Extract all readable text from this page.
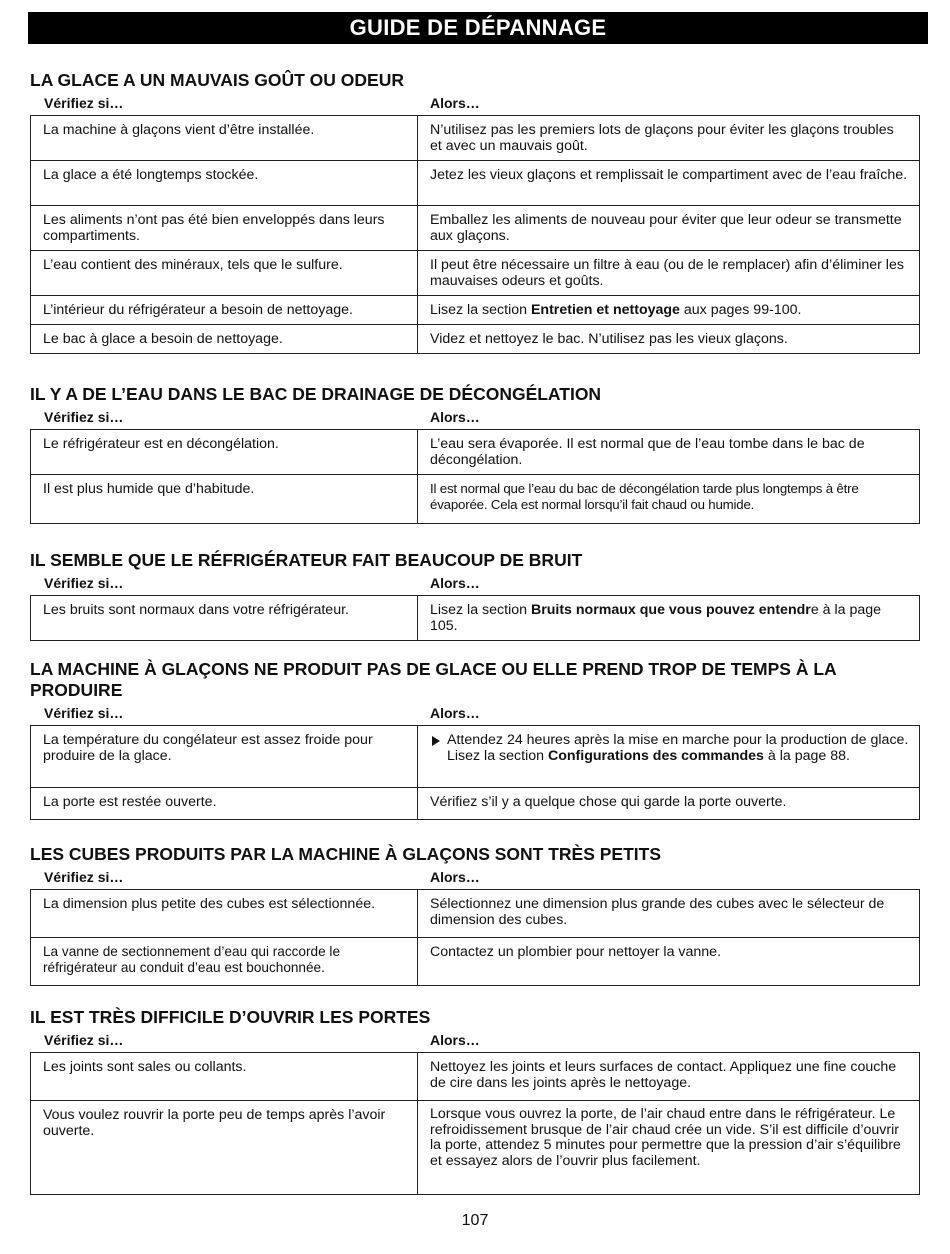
GUIDE DE DÉPANNAGE
LA GLACE A UN MAUVAIS GOÛT OU ODEUR
Vérifiez si…	Alors…
La machine à glaçons vient d’être installée.	N’utilisez pas les premiers lots de glaçons pour éviter les glaçons troubles et avec un mauvais goût.
La glace a été longtemps stockée.	Jetez les vieux glaçons et remplissait le compartiment avec de l’eau fraîche.
Les aliments n’ont pas été bien enveloppés dans leurs compartiments.	Emballez les aliments de nouveau pour éviter que leur odeur se transmette aux glaçons.
L’eau contient des minéraux, tels que le sulfure.	Il peut être nécessaire un filtre à eau (ou de le remplacer) afin d’éliminer les mauvaises odeurs et goûts.
L’intérieur du réfrigérateur a besoin de nettoyage.	Lisez la section Entretien et nettoyage aux pages 99-100.
Le bac à glace a besoin de nettoyage.	Videz et nettoyez le bac. N’utilisez pas les vieux glaçons.
IL Y A DE L’EAU DANS LE BAC DE DRAINAGE DE DÉCONGÉLATION
Vérifiez si…	Alors…
Le réfrigérateur est en décongélation.	L’eau sera évaporée. Il est normal que de l’eau tombe dans le bac de décongélation.
Il est plus humide que d’habitude.	Il est normal que l’eau du bac de décongélation tarde plus longtemps à être évaporée. Cela est normal lorsqu’il fait chaud ou humide.
IL SEMBLE QUE LE RÉFRIGÉRATEUR FAIT BEAUCOUP DE BRUIT
Vérifiez si…	Alors…
Les bruits sont normaux dans votre réfrigérateur.	Lisez la section Bruits normaux que vous pouvez entendre à la page 105.
LA MACHINE À GLAÇONS NE PRODUIT PAS DE GLACE OU ELLE PREND TROP DE TEMPS À LA PRODUIRE
Vérifiez si…	Alors…
La température du congélateur est assez froide pour produire de la glace.	Attendez 24 heures après la mise en marche pour la production de glace. Lisez la section Configurations des commandes à la page 88.

La porte est restée ouverte.	Vérifiez s’il y a quelque chose qui garde la porte ouverte.
LES CUBES PRODUITS PAR LA MACHINE À GLAÇONS SONT TRÈS PETITS
Vérifiez si…	Alors…
La dimension plus petite des cubes est sélectionnée.	Sélectionnez une dimension plus grande des cubes avec le sélecteur de dimension des cubes.
La vanne de sectionnement d’eau qui raccorde le réfrigérateur au conduit d’eau est bouchonnée.	Contactez un plombier pour nettoyer la vanne.
IL EST TRÈS DIFFICILE D’OUVRIR LES PORTES
Vérifiez si…	Alors…
Les joints sont sales ou collants.	Nettoyez les joints et leurs surfaces de contact. Appliquez une fine couche de cire dans les joints après le nettoyage.
Vous voulez rouvrir la porte peu de temps après l’avoir ouverte.	Lorsque vous ouvrez la porte, de l’air chaud entre dans le réfrigérateur. Le refroidissement brusque de l’air chaud crée un vide. S’il est difficile d’ouvrir la porte, attendez 5 minutes pour permettre que la pression d’air s’équilibre et essayez alors de l’ouvrir plus facilement.
107
